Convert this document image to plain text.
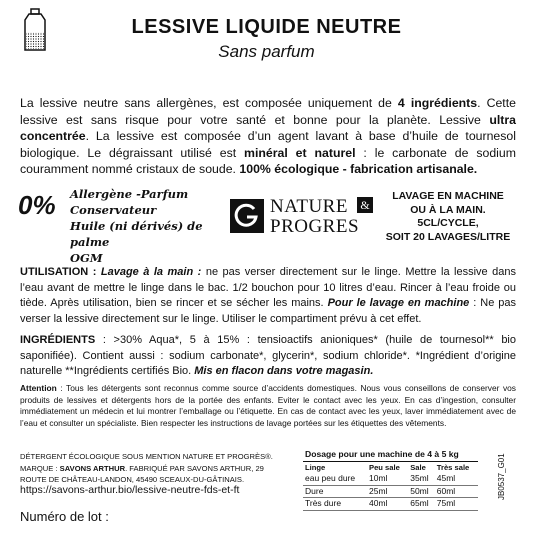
LESSIVE LIQUIDE NEUTRE
Sans parfum
La lessive neutre sans allergènes, est composée uniquement de 4 ingrédients. Cette lessive est sans risque pour votre santé et bonne pour la planète. Lessive ultra concentrée. La lessive est composée d’un agent lavant à base d’huile de tournesol biologique. Le dégraissant utilisé est minéral et naturel : le carbonate de sodium couramment nommé cristaux de soude. 100% écologique - fabrication artisanale.
0% Allergène -Parfum
Conservateur
Huile (ni dérivés) de palme
OGM
NATURE
PROGRES
&
LAVAGE EN MACHINE
OU À LA MAIN.
5CL/CYCLE,
SOIT 20 LAVAGES/LITRE
UTILISATION : Lavage à la main : ne pas verser directement sur le linge. Mettre la lessive dans l’eau avant de mettre le linge dans le bac. 1/2 bouchon pour 10 litres d’eau. Rincer à l’eau froide ou tiède. Après utilisation, bien se rincer et se sécher les mains. Pour le lavage en machine : Ne pas verser la lessive directement sur le linge. Utiliser le compartiment prévu à cet effet.
INGRÉDIENTS : >30% Aqua*, 5 à 15% : tensioactifs anioniques* (huile de tournesol** bio saponifiée). Contient aussi : sodium carbonate*, glycerin*, sodium chloride*. *Ingrédient d’origine naturelle **Ingrédients certifiés Bio. Mis en flacon dans votre magasin.
Attention : Tous les détergents sont reconnus comme source d’accidents domestiques. Nous vous conseillons de conserver vos produits de lessives et détergents hors de la portée des enfants. Eviter le contact avec les yeux. En cas d’ingestion, consulter immédiatement un médecin et lui montrer l’emballage ou l’étiquette. En cas de contact avec les yeux, laver immédiatement avec de l’eau et consulter un spécialiste. Bien respecter les instructions de lavage portées sur les étiquettes des vêtements.
DÉTERGENT ÉCOLOGIQUE SOUS MENTION NATURE ET PROGRÈS®.
MARQUE : SAVONS ARTHUR. FABRIQUÉ PAR SAVONS ARTHUR, 29
ROUTE DE CHÂTEAU-LANDON, 45490 SCEAUX-DU-GÂTINAIS.
https://savons-arthur.bio/lessive-neutre-fds-et-ft
Numéro de lot :
Dosage pour une machine de 4 à 5 kg			
Linge	Peu sale	Sale	Très sale
eau peu dure	10ml	35ml	45ml
Dure	25ml	50ml	60ml
Très dure	40ml	65ml	75ml
JB0537_G01
